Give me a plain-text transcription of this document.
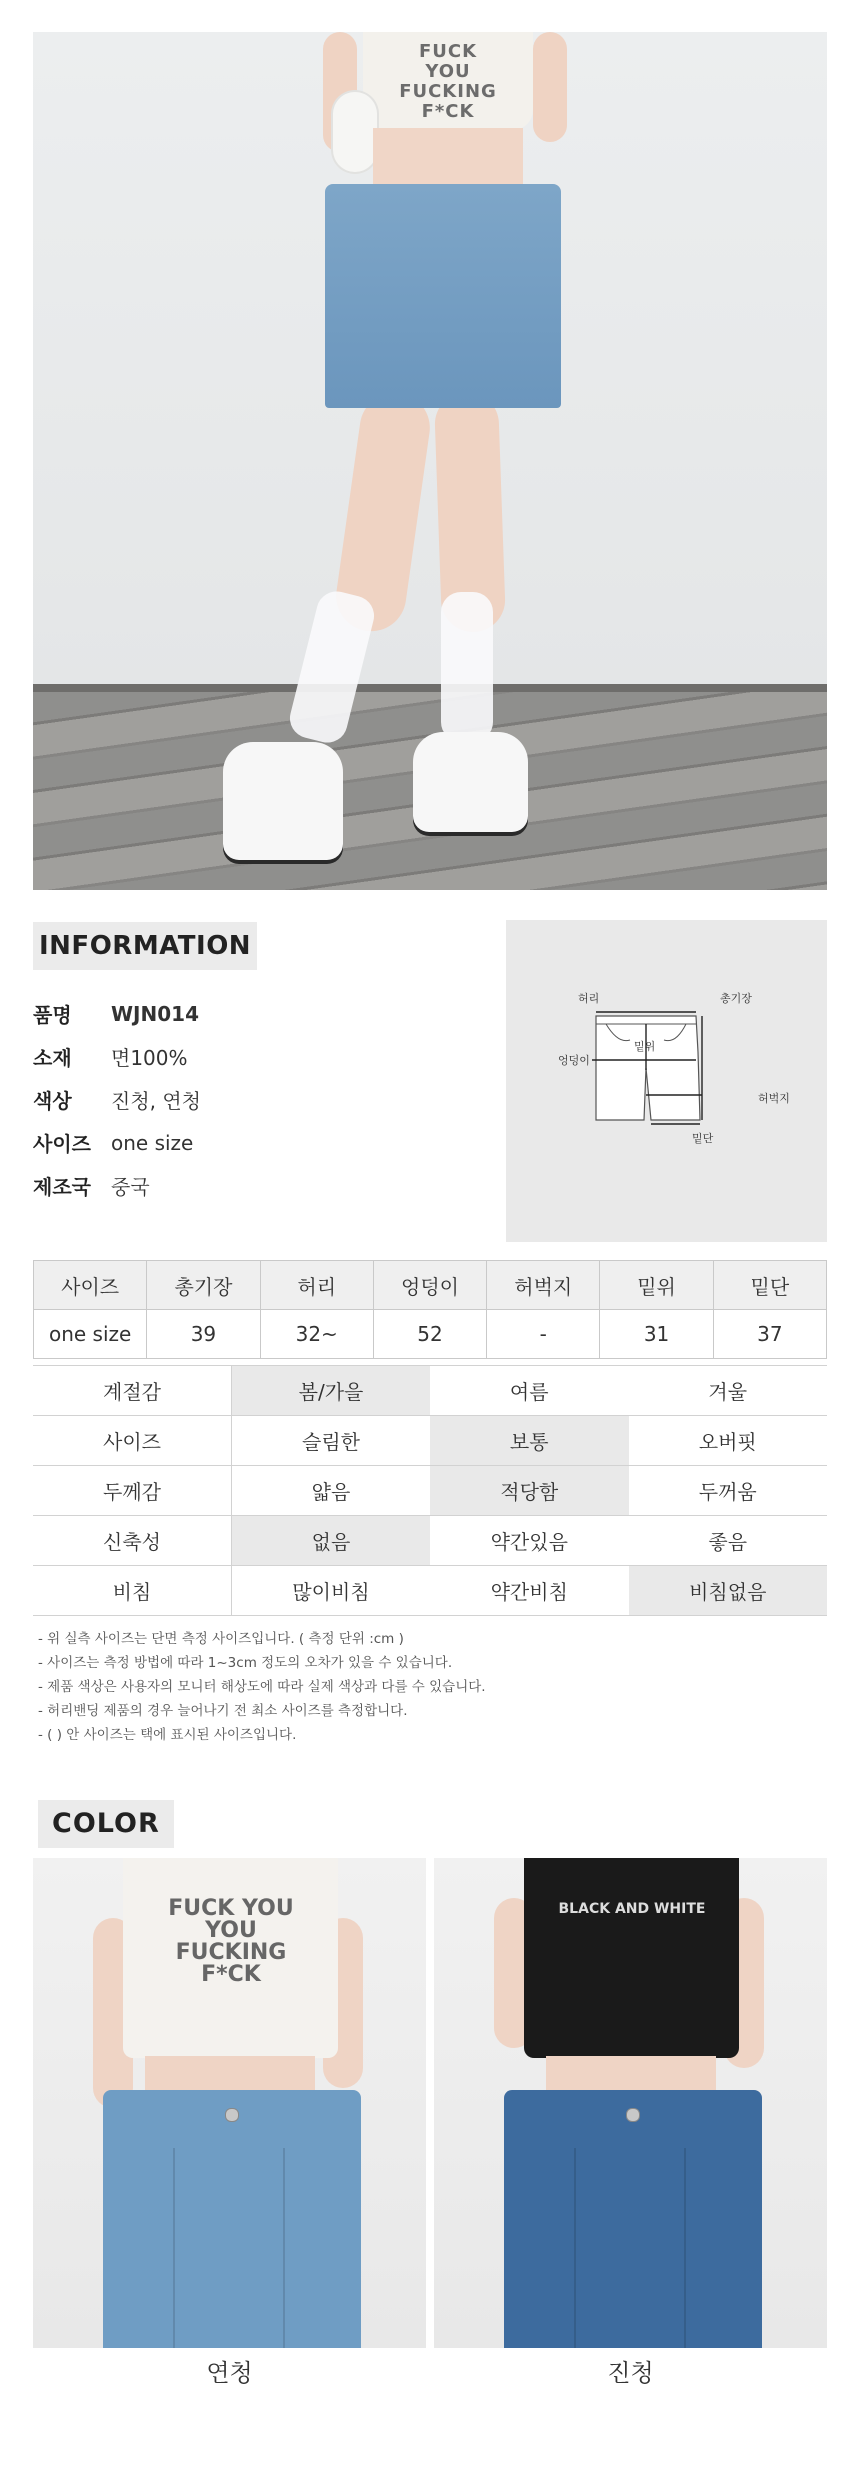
FUCK YOU
FUCKING
F*CK
INFORMATION
품명	WJN014
소재	면100%
색상	진청, 연청
사이즈	one size
제조국	중국
허리	총기장
밑위
엉덩이
허벅지
밑단
사이즈	총기장	허리	엉덩이	허벅지	밑위	밑단
one size	39	32~	52	-	31	37
계절감	봄/가을	여름	겨울
사이즈	슬림한	보통	오버핏
두께감	얇음	적당함	두꺼움
신축성	없음	약간있음	좋음
비침	많이비침	약간비침	비침없음
- 위 실측 사이즈는 단면 측정 사이즈입니다. ( 측정 단위 :cm )
- 사이즈는 측정 방법에 따라 1~3cm 정도의 오차가 있을 수 있습니다.
- 제품 색상은 사용자의 모니터 해상도에 따라 실제 색상과 다를 수 있습니다.
- 허리밴딩 제품의 경우 늘어나기 전 최소 사이즈를 측정합니다.
- ( ) 안 사이즈는 택에 표시된 사이즈입니다.
COLOR
FUCK YOU
YOU
FUCKING
F*CK
BLACK AND WHITE
연청	진청
